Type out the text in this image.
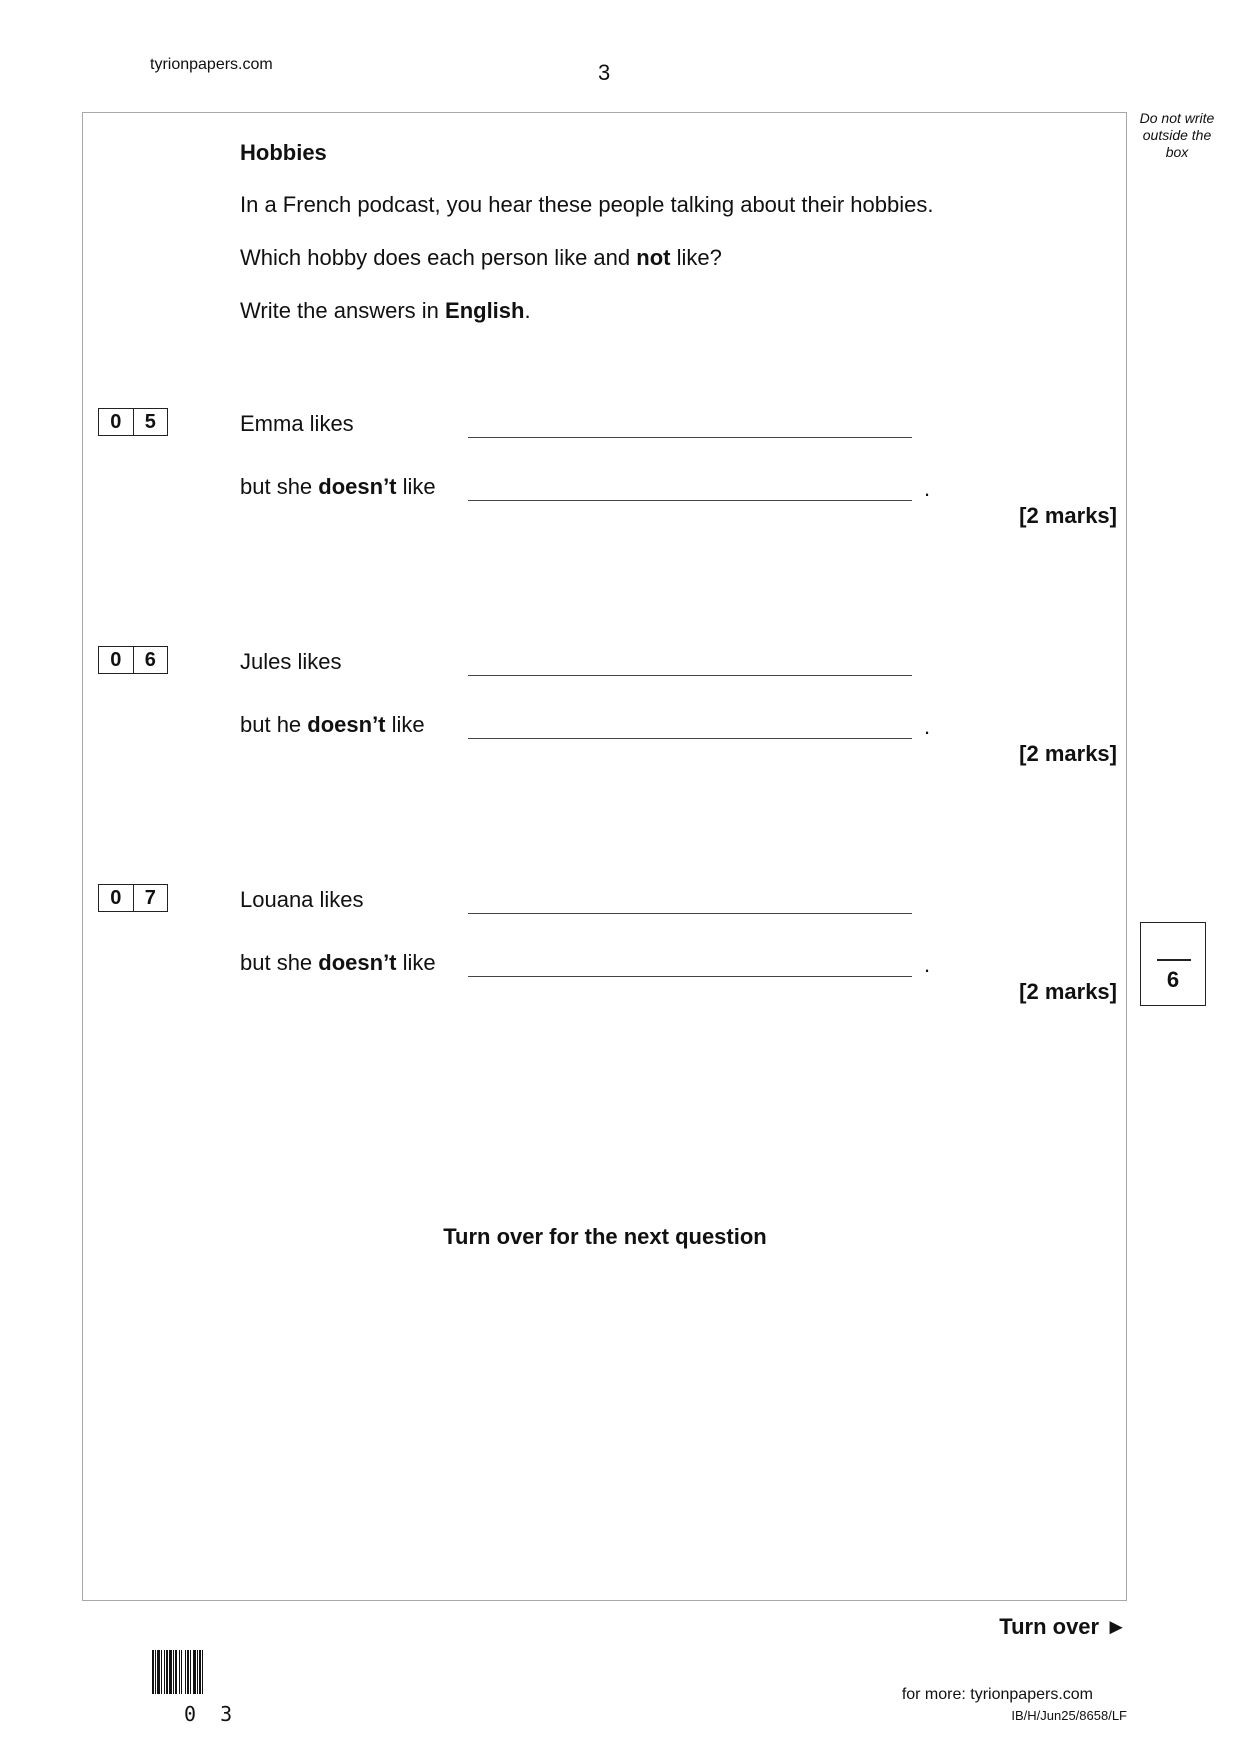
tyrionpapers.com	3
Do not write outside the box
Hobbies
In a French podcast, you hear these people talking about their hobbies.
Which hobby does each person like and not like?
Write the answers in English.
0	5	Emma likes
but she doesn’t like	.
[2 marks]
0	6	Jules likes
but he doesn’t like	.
[2 marks]
0	7	Louana likes
but she doesn’t like	.
[2 marks]	6
Turn over for the next question
Turn over ►
0 3
for more: tyrionpapers.com
IB/H/Jun25/8658/LF
